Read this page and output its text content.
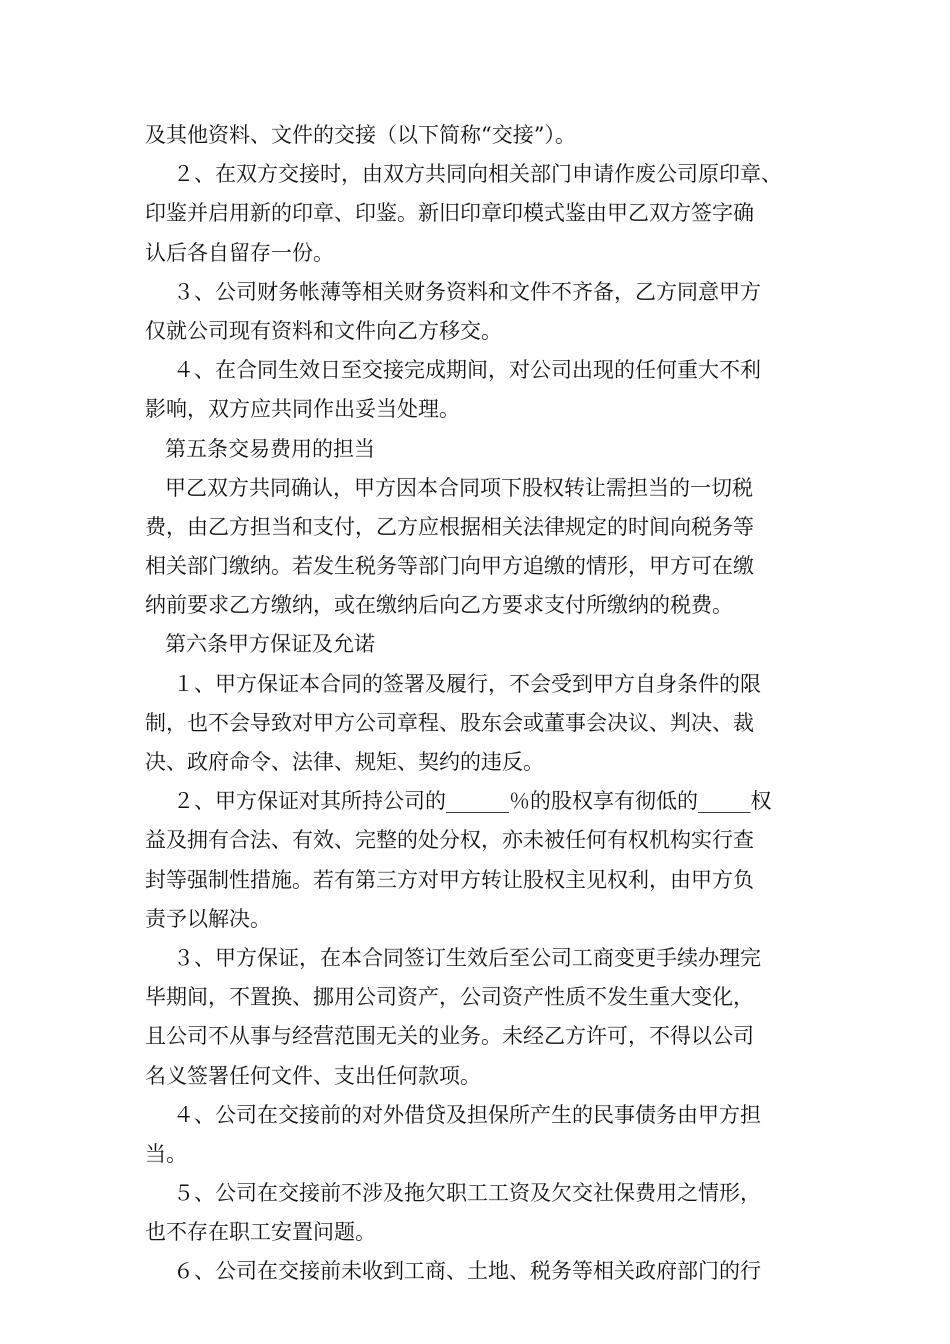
及其他资料、文件的交接（以下简称“交接”）。
２、在双方交接时，由双方共同向相关部门申请作废公司原印章、
印鉴并启用新的印章、印鉴。新旧印章印模式鉴由甲乙双方签字确
认后各自留存一份。
３、公司财务帐薄等相关财务资料和文件不齐备，乙方同意甲方
仅就公司现有资料和文件向乙方移交。
４、在合同生效日至交接完成期间，对公司出现的任何重大不利
影响，双方应共同作出妥当处理。
第五条交易费用的担当
甲乙双方共同确认，甲方因本合同项下股权转让需担当的一切税
费，由乙方担当和支付，乙方应根据相关法律规定的时间向税务等
相关部门缴纳。若发生税务等部门向甲方追缴的情形，甲方可在缴
纳前要求乙方缴纳，或在缴纳后向乙方要求支付所缴纳的税费。
第六条甲方保证及允诺
１、甲方保证本合同的签署及履行，不会受到甲方自身条件的限
制，也不会导致对甲方公司章程、股东会或董事会决议、判决、裁
决、政府命令、法律、规矩、契约的违反。
２、甲方保证对其所持公司的______％的股权享有彻低的_____权
益及拥有合法、有效、完整的处分权，亦未被任何有权机构实行查
封等强制性措施。若有第三方对甲方转让股权主见权利，由甲方负
责予以解决。
３、甲方保证，在本合同签订生效后至公司工商变更手续办理完
毕期间，不置换、挪用公司资产，公司资产性质不发生重大变化，
且公司不从事与经营范围无关的业务。未经乙方许可，不得以公司
名义签署任何文件、支出任何款项。
４、公司在交接前的对外借贷及担保所产生的民事债务由甲方担
当。
５、公司在交接前不涉及拖欠职工工资及欠交社保费用之情形，
也不存在职工安置问题。
６、公司在交接前未收到工商、土地、税务等相关政府部门的行
